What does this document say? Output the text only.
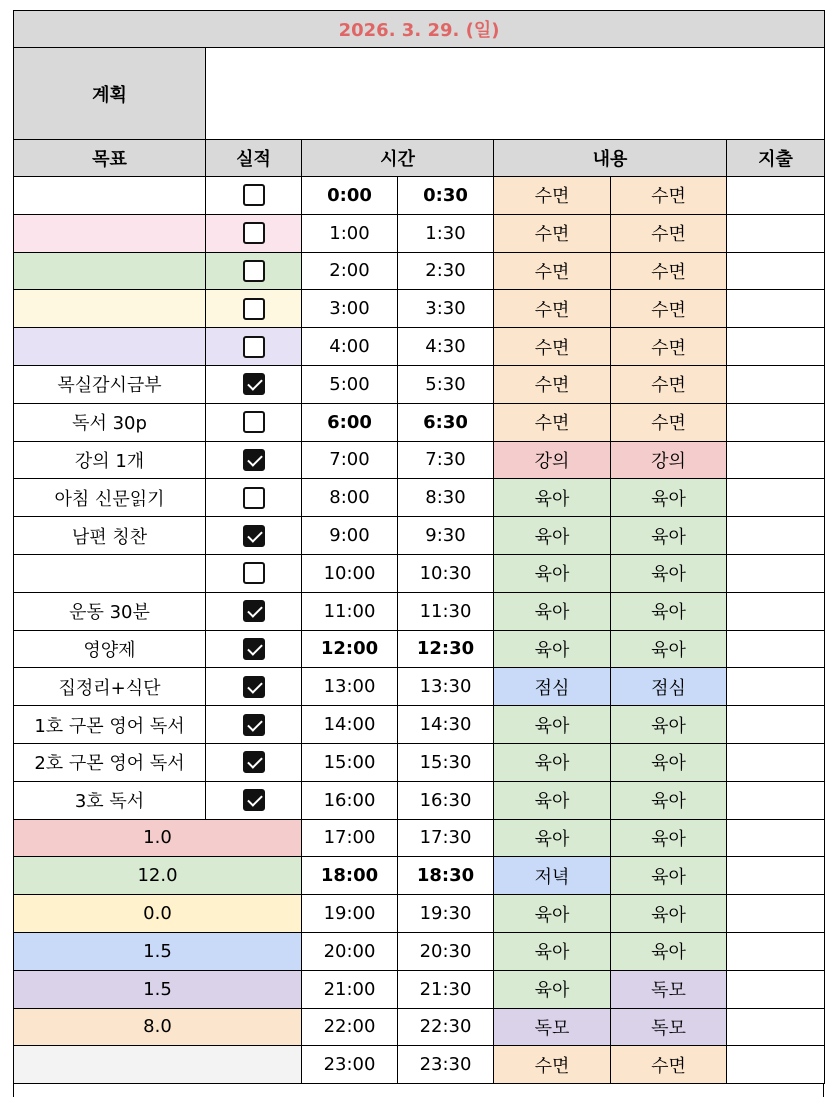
2026. 3. 29. (일)						
계획						
목표	실적	시간		내용		지출
		0:00	0:30	수면	수면	
		1:00	1:30	수면	수면	
		2:00	2:30	수면	수면	
		3:00	3:30	수면	수면	
		4:00	4:30	수면	수면	
목실감시금부		5:00	5:30	수면	수면	
독서 30p		6:00	6:30	수면	수면	
강의 1개		7:00	7:30	강의	강의	
아침 신문읽기		8:00	8:30	육아	육아	
남편 칭찬		9:00	9:30	육아	육아	
		10:00	10:30	육아	육아	
운동 30분		11:00	11:30	육아	육아	
영양제		12:00	12:30	육아	육아	
집정리+식단		13:00	13:30	점심	점심	
1호 구몬 영어 독서		14:00	14:30	육아	육아	
2호 구몬 영어 독서		15:00	15:30	육아	육아	
3호 독서		16:00	16:30	육아	육아	
1.0		17:00	17:30	육아	육아	
12.0		18:00	18:30	저녁	육아	
0.0		19:00	19:30	육아	육아	
1.5		20:00	20:30	육아	육아	
1.5		21:00	21:30	육아	독모	
8.0		22:00	22:30	독모	독모	
		23:00	23:30	수면	수면	
